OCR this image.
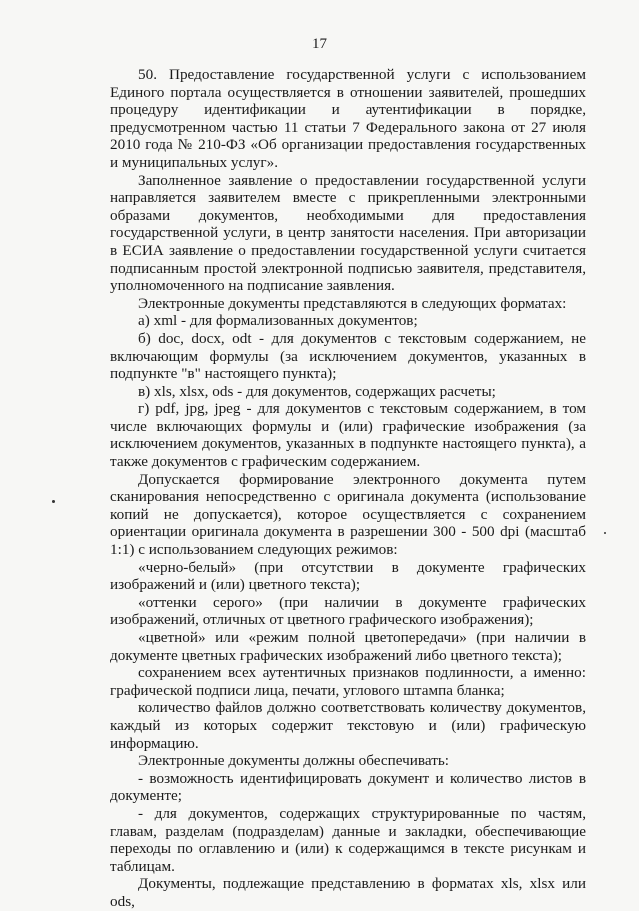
17

50. Предоставление государственной услуги с использованием Единого портала осуществляется в отношении заявителей, прошедших процедуру идентификации и аутентификации в порядке, предусмотренном частью 11 статьи 7 Федерального закона от 27 июля 2010 года № 210-ФЗ «Об организации предоставления государственных и муниципальных услуг».

Заполненное заявление о предоставлении государственной услуги направляется заявителем вместе с прикрепленными электронными образами документов, необходимыми для предоставления государственной услуги, в центр занятости населения. При авторизации в ЕСИА заявление о предоставлении государственной услуги считается подписанным простой электронной подписью заявителя, представителя, уполномоченного на подписание заявления.

Электронные документы представляются в следующих форматах:

а) xml - для формализованных документов;

б) doc, docx, odt - для документов с текстовым содержанием, не включающим формулы (за исключением документов, указанных в подпункте "в" настоящего пункта);

в) xls, xlsx, ods - для документов, содержащих расчеты;

г) pdf, jpg, jpeg - для документов с текстовым содержанием, в том числе включающих формулы и (или) графические изображения (за исключением документов, указанных в подпункте настоящего пункта), а также документов с графическим содержанием.

Допускается формирование электронного документа путем сканирования непосредственно с оригинала документа (использование копий не допускается), которое осуществляется с сохранением ориентации оригинала документа в разрешении 300 - 500 dpi (масштаб 1:1) с использованием следующих режимов:

«черно-белый» (при отсутствии в документе графических изображений и (или) цветного текста);

«оттенки серого» (при наличии в документе графических изображений, отличных от цветного графического изображения);

«цветной» или «режим полной цветопередачи» (при наличии в документе цветных графических изображений либо цветного текста);

сохранением всех аутентичных признаков подлинности, а именно: графической подписи лица, печати, углового штампа бланка;

количество файлов должно соответствовать количеству документов, каждый из которых содержит текстовую и (или) графическую информацию.

Электронные документы должны обеспечивать:

- возможность идентифицировать документ и количество листов в документе;

- для документов, содержащих структурированные по частям, главам, разделам (подразделам) данные и закладки, обеспечивающие переходы по оглавлению и (или) к содержащимся в тексте рисункам и таблицам.

Документы, подлежащие представлению в форматах xls, xlsx или ods,
